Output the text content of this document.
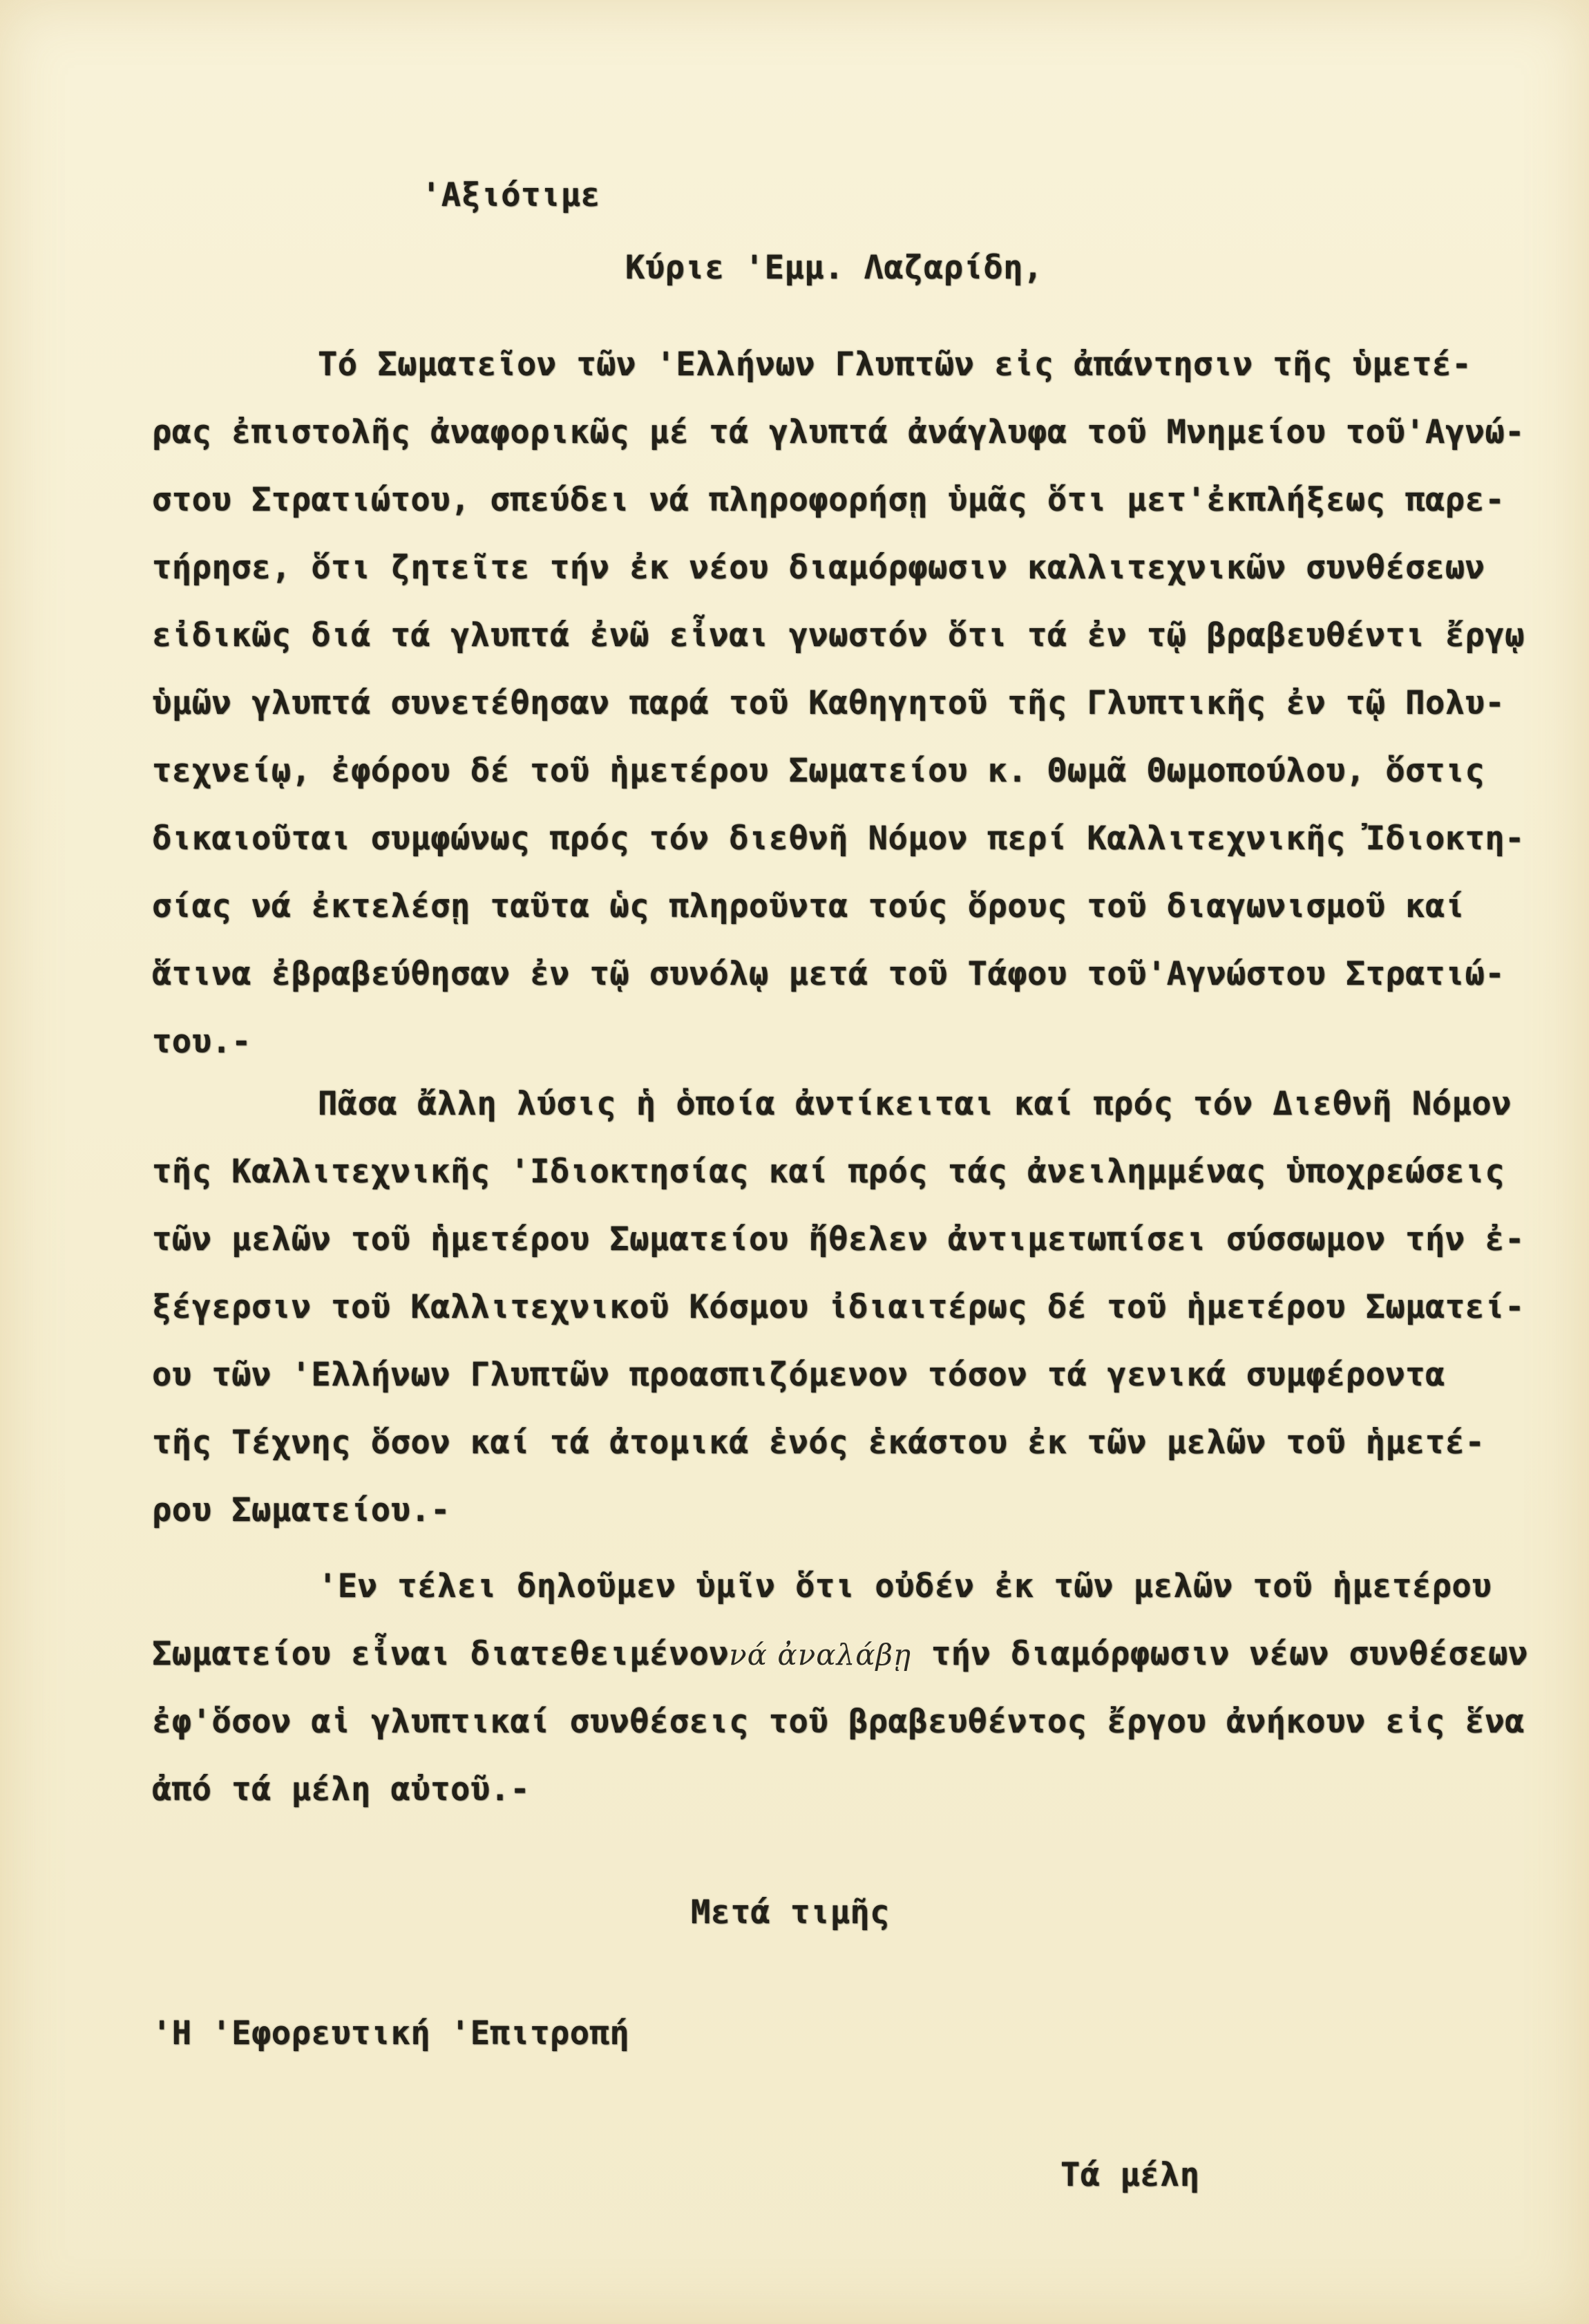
'Αξιότιμε
Κύριε 'Εμμ. Λαζαρίδη,
Τό Σωματεῖον τῶν 'Ελλήνων Γλυπτῶν εἰς ἀπάντησιν τῆς ὑμετέ-
ρας ἐπιστολῆς ἀναφορικῶς μέ τά γλυπτά ἀνάγλυφα τοῦ Μνημείου τοῦ'Αγνώ-
στου Στρατιώτου, σπεύδει νά πληροφορήσῃ ὑμᾶς ὅτι μετ'ἐκπλήξεως παρε-
τήρησε, ὅτι ζητεῖτε τήν ἐκ νέου διαμόρφωσιν καλλιτεχνικῶν συνθέσεων
εἰδικῶς διά τά γλυπτά ἐνῶ εἶναι γνωστόν ὅτι τά ἐν τῷ βραβευθέντι ἔργῳ
ὑμῶν γλυπτά συνετέθησαν παρά τοῦ Καθηγητοῦ τῆς Γλυπτικῆς ἐν τῷ Πολυ-
τεχνείῳ, ἐφόρου δέ τοῦ ἡμετέρου Σωματείου κ. Θωμᾶ Θωμοπούλου, ὅστις
δικαιοῦται συμφώνως πρός τόν διεθνῆ Νόμον περί Καλλιτεχνικῆς Ἰδιοκτη-
σίας νά ἐκτελέσῃ ταῦτα ὡς πληροῦντα τούς ὅρους τοῦ διαγωνισμοῦ καί
ἅτινα ἐβραβεύθησαν ἐν τῷ συνόλῳ μετά τοῦ Τάφου τοῦ'Αγνώστου Στρατιώ-
του.-
Πᾶσα ἄλλη λύσις ἡ ὁποία ἀντίκειται καί πρός τόν Διεθνῆ Νόμον
τῆς Καλλιτεχνικῆς 'Ιδιοκτησίας καί πρός τάς ἀνειλημμένας ὑποχρεώσεις
τῶν μελῶν τοῦ ἡμετέρου Σωματείου ἤθελεν ἀντιμετωπίσει σύσσωμον τήν ἐ-
ξέγερσιν τοῦ Καλλιτεχνικοῦ Κόσμου ἰδιαιτέρως δέ τοῦ ἡμετέρου Σωματεί-
ου τῶν 'Ελλήνων Γλυπτῶν προασπιζόμενον τόσον τά γενικά συμφέροντα
τῆς Τέχνης ὅσον καί τά ἀτομικά ἑνός ἑκάστου ἐκ τῶν μελῶν τοῦ ἡμετέ-
ρου Σωματείου.-
'Εν τέλει δηλοῦμεν ὑμῖν ὅτι οὐδέν ἐκ τῶν μελῶν τοῦ ἡμετέρου
Σωματείου εἶναι διατεθειμένοννά ἀναλάβῃ τήν διαμόρφωσιν νέων συνθέσεων
ἐφ'ὅσον αἱ γλυπτικαί συνθέσεις τοῦ βραβευθέντος ἔργου ἀνήκουν εἰς ἕνα
ἀπό τά μέλη αὐτοῦ.-
Μετά τιμῆς
'Η 'Εφορευτική 'Επιτροπή
Τά μέλη
